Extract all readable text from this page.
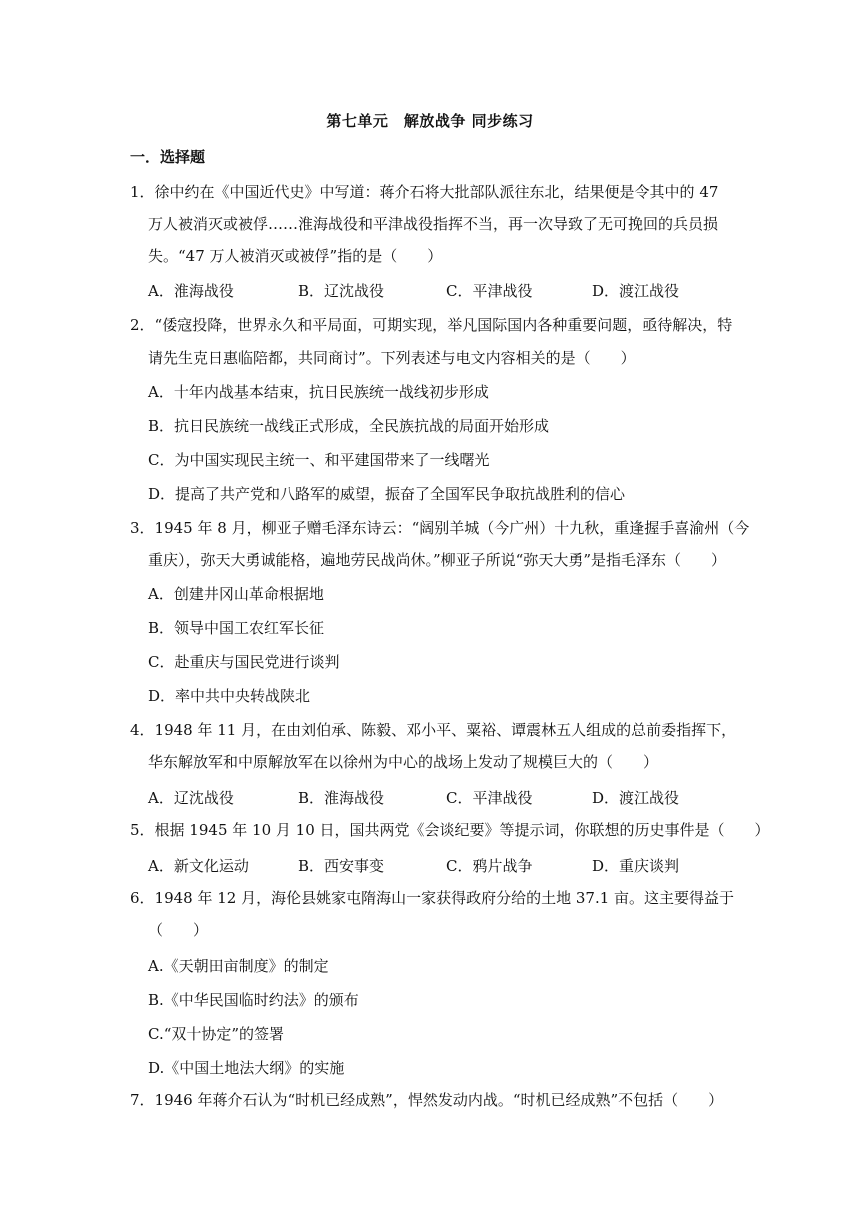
第七单元　解放战争 同步练习
一．选择题
1．徐中约在《中国近代史》中写道：蒋介石将大批部队派往东北，结果便是令其中的 47
万人被消灭或被俘……淮海战役和平津战役指挥不当，再一次导致了无可挽回的兵员损
失。“47 万人被消灭或被俘”指的是（　　）
A．淮海战役	B．辽沈战役	C．平津战役	D．渡江战役
2．“倭寇投降，世界永久和平局面，可期实现，举凡国际国内各种重要问题，亟待解决，特
请先生克日惠临陪都，共同商讨”。下列表述与电文内容相关的是（　　）
A．十年内战基本结束，抗日民族统一战线初步形成
B．抗日民族统一战线正式形成，全民族抗战的局面开始形成
C．为中国实现民主统一、和平建国带来了一线曙光
D．提高了共产党和八路军的威望，振奋了全国军民争取抗战胜利的信心
3．1945 年 8 月，柳亚子赠毛泽东诗云：“阔别羊城（今广州）十九秋，重逢握手喜渝州（今
重庆），弥天大勇诚能格，遍地劳民战尚休。”柳亚子所说“弥天大勇”是指毛泽东（　　）
A．创建井冈山革命根据地
B．领导中国工农红军长征
C．赴重庆与国民党进行谈判
D．率中共中央转战陕北
4．1948 年 11 月，在由刘伯承、陈毅、邓小平、粟裕、谭震林五人组成的总前委指挥下，
华东解放军和中原解放军在以徐州为中心的战场上发动了规模巨大的（　　）
A．辽沈战役	B．淮海战役	C．平津战役	D．渡江战役
5．根据 1945 年 10 月 10 日，国共两党《会谈纪要》等提示词，你联想的历史事件是（　　）
A．新文化运动	B．西安事变	C．鸦片战争	D．重庆谈判
6．1948 年 12 月，海伦县姚家屯隋海山一家获得政府分给的土地 37.1 亩。这主要得益于
（　　）
A.《天朝田亩制度》的制定
B.《中华民国临时约法》的颁布
C.“双十协定”的签署
D.《中国土地法大纲》的实施
7．1946 年蒋介石认为“时机已经成熟”，悍然发动内战。“时机已经成熟”不包括（　　）
